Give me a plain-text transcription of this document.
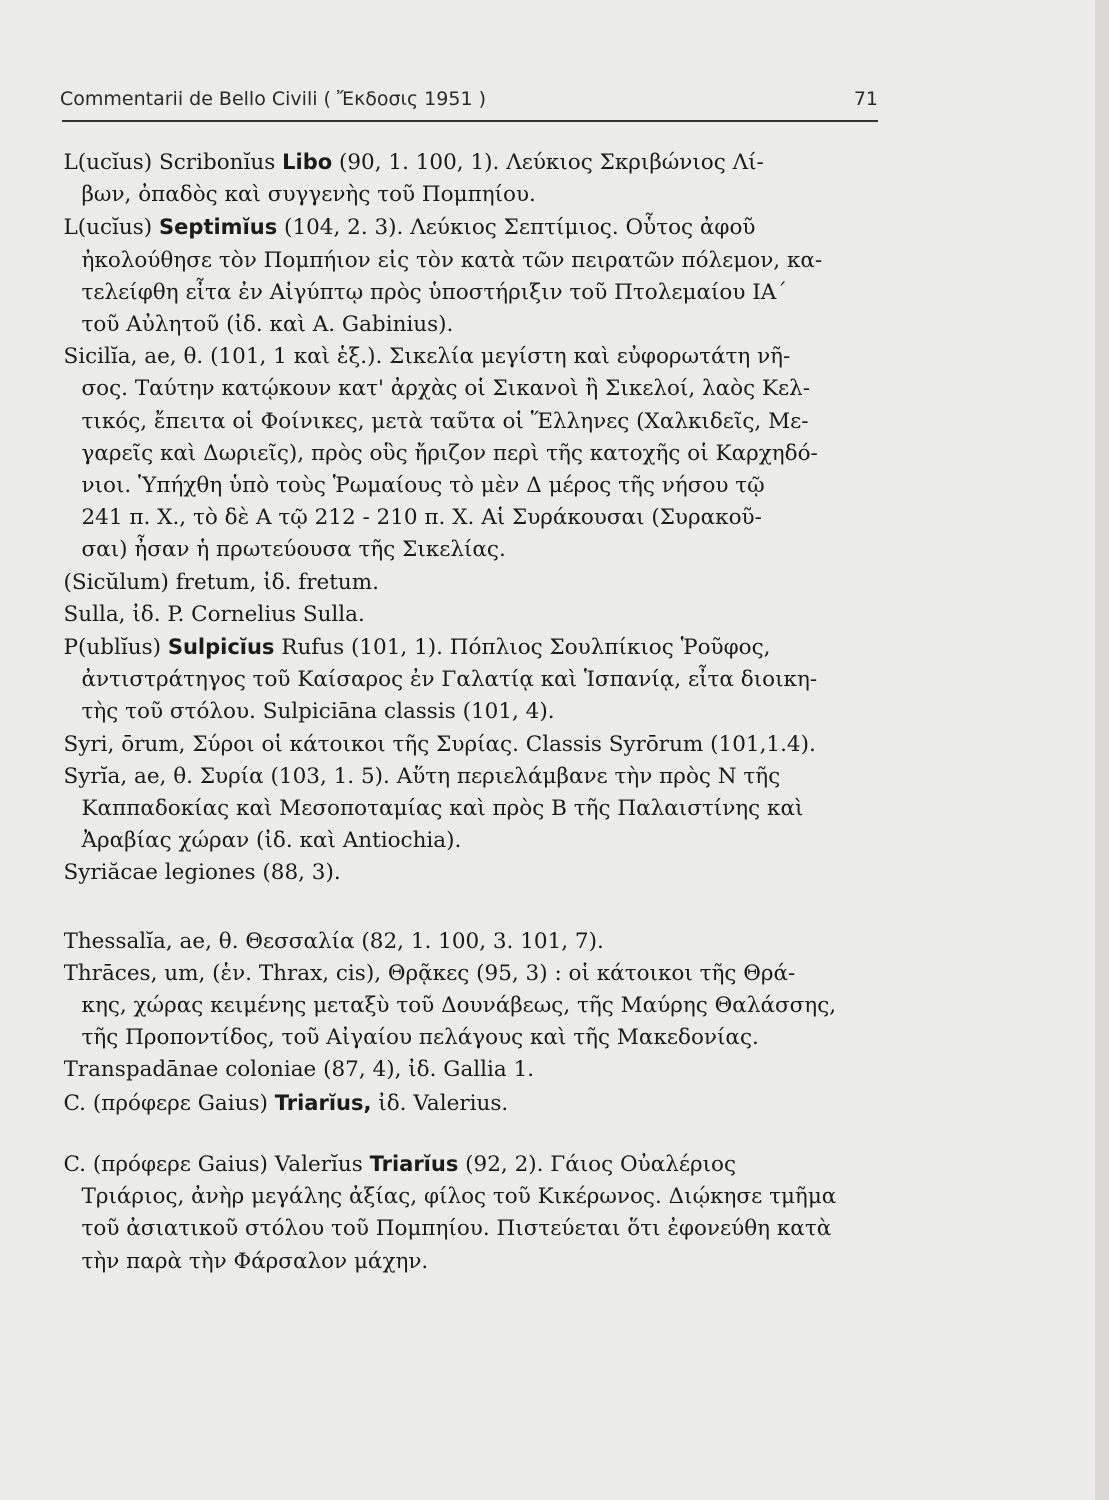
Commentarii de Bello Civili ( Ἔκδοσις 1951 )	71
L(ucĭus) Scribonĭus Libo (90, 1. 100, 1). Λεύκιος Σκριβώνιος Λί-
βων, ὀπαδὸς καὶ συγγενὴς τοῦ Πομπηίου.
L(ucĭus) Septimĭus (104, 2. 3). Λεύκιος Σεπτίμιος. Οὗτος ἀφοῦ
ἠκολούθησε τὸν Πομπήιον εἰς τὸν κατὰ τῶν πειρατῶν πόλεμον, κα-
τελείφθη εἶτα ἐν Αἰγύπτῳ πρὸς ὑποστήριξιν τοῦ Πτολεμαίου ΙΑ΄
τοῦ Αὐλητοῦ (ἰδ. καὶ A. Gabinius).
Sicilĭa, ae, θ. (101, 1 καὶ ἑξ.). Σικελία μεγίστη καὶ εὐφορωτάτη νῆ-
σος. Ταύτην κατῴκουν κατ' ἀρχὰς οἱ Σικανοὶ ἢ Σικελοί, λαὸς Κελ-
τικός, ἔπειτα οἱ Φοίνικες, μετὰ ταῦτα οἱ Ἕλληνες (Χαλκιδεῖς, Με-
γαρεῖς καὶ Δωριεῖς), πρὸς οὓς ἤριζον περὶ τῆς κατοχῆς οἱ Καρχηδό-
νιοι. Ὑπήχθη ὑπὸ τοὺς Ῥωμαίους τὸ μὲν Δ μέρος τῆς νήσου τῷ
241 π. Χ., τὸ δὲ Α τῷ 212 - 210 π. Χ. Αἱ Συράκουσαι (Συρακοῦ-
σαι) ἦσαν ἡ πρωτεύουσα τῆς Σικελίας.
(Sicŭlum) fretum, ἰδ. fretum.
Sulla, ἰδ. P. Cornelius Sulla.
P(ublĭus) Sulpicĭus Rufus (101, 1). Πόπλιος Σουλπίκιος Ῥοῦφος,
ἀντιστράτηγος τοῦ Καίσαρος ἐν Γαλατίᾳ καὶ Ἱσπανίᾳ, εἶτα διοικη-
τὴς τοῦ στόλου. Sulpiciāna classis (101, 4).
Syri, ōrum, Σύροι οἱ κάτοικοι τῆς Συρίας. Classis Syrōrum (101,1.4).
Syrĭa, ae, θ. Συρία (103, 1. 5). Αὕτη περιελάμβανε τὴν πρὸς Ν τῆς
Καππαδοκίας καὶ Μεσοποταμίας καὶ πρὸς Β τῆς Παλαιστίνης καὶ
Ἀραβίας χώραν (ἰδ. καὶ Antiochia).
Syriăcae legiones (88, 3).
Thessalĭa, ae, θ. Θεσσαλία (82, 1. 100, 3. 101, 7).
Thrāces, um, (ἑν. Thrax, cis), Θρᾷκες (95, 3) : οἱ κάτοικοι τῆς Θρά-
κης, χώρας κειμένης μεταξὺ τοῦ Δουνάβεως, τῆς Μαύρης Θαλάσσης,
τῆς Προποντίδος, τοῦ Αἰγαίου πελάγους καὶ τῆς Μακεδονίας.
Transpadānae coloniae (87, 4), ἰδ. Gallia 1.
C. (πρόφερε Gaius) Triarĭus, ἰδ. Valerius.
C. (πρόφερε Gaius) Valerĭus Triarĭus (92, 2). Γάιος Οὐαλέριος
Τριάριος, ἀνὴρ μεγάλης ἀξίας, φίλος τοῦ Κικέρωνος. Διῴκησε τμῆμα
τοῦ ἀσιατικοῦ στόλου τοῦ Πομπηίου. Πιστεύεται ὅτι ἐφονεύθη κατὰ
τὴν παρὰ τὴν Φάρσαλον μάχην.
